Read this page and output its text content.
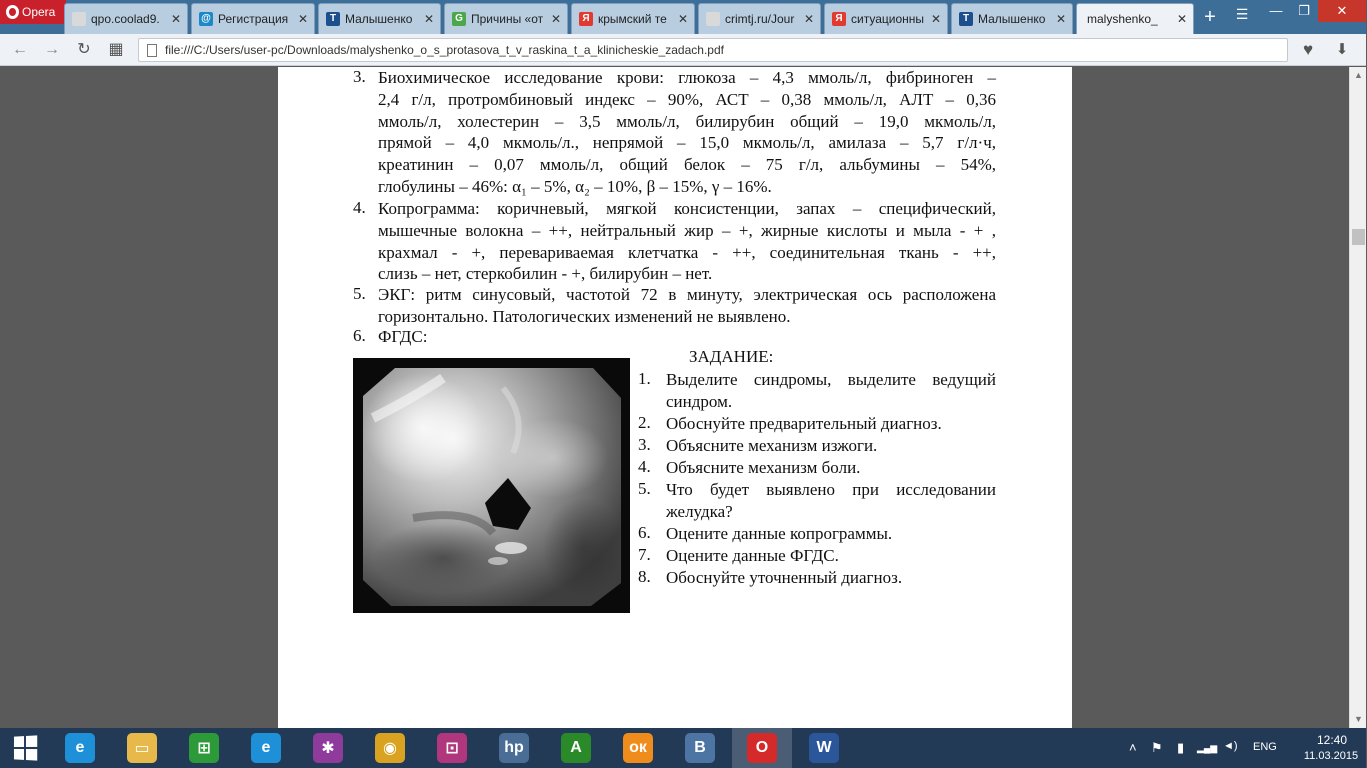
Opera	qpo.coolad9. ✕ @ Регистрация ✕	T Малышенко ✕	G Причины «от ✕	Я крымский те ✕	crimtj.ru/Jour ✕	Я ситуационны ✕	T Малышенко ✕ malyshenko_ ✕ + ☰	—	❐	✕
← → ↻ ▦	file:///C:/Users/user-pc/Downloads/malyshenko_o_s_protasova_t_v_raskina_t_a_klinicheskie_zadach.pdf	♥	⬇
3. Биохимическое исследование крови: глюкоза – 4,3 ммоль/л, фибриноген –
2,4 г/л, протромбиновый индекс – 90%, АСТ – 0,38 ммоль/л, АЛТ – 0,36
ммоль/л, холестерин – 3,5 ммоль/л, билирубин общий – 19,0 мкмоль/л,
прямой – 4,0 мкмоль/л., непрямой – 15,0 мкмоль/л, амилаза – 5,7 г/л·ч,
креатинин – 0,07 ммоль/л, общий белок – 75 г/л, альбумины – 54%,
глобулины – 46%: α₁ – 5%, α₂ – 10%, β – 15%, γ – 16%.
4. Копрограмма: коричневый, мягкой консистенции, запах – специфический,
мышечные волокна – ++, нейтральный жир – +, жирные кислоты и мыла - + ,
крахмал - +, перевариваемая клетчатка - ++, соединительная ткань - ++,
слизь – нет, стеркобилин - +, билирубин – нет.
5. ЭКГ: ритм синусовый, частотой 72 в минуту, электрическая ось расположена
горизонтально. Патологических изменений не выявлено.
6. ФГДС:
ЗАДАНИЕ:
1. Выделите синдромы, выделите ведущий
синдром.
2. Обоснуйте предварительный диагноз.
3. Объясните механизм изжоги.
4. Объясните механизм боли.
5. Что будет выявлено при исследовании
желудка?
6. Оцените данные копрограммы.
7. Оцените данные ФГДС.
8. Обоснуйте уточненный диагноз.
▲
▼
e	▭	⊞	e	✱	◉	⊡	hp	A	ок	В	O	W	˄ ⚑ ▮ ▂▄▆ ◄) ENG	12:40
11.03.2015
